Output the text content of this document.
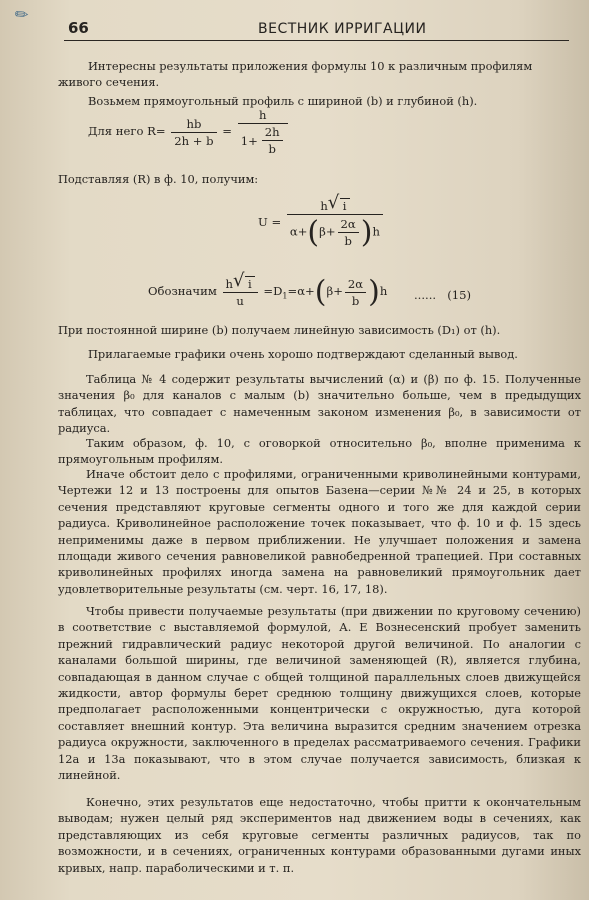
✎
66	ВЕСТНИК ИРРИГАЦИИ
Интересны результаты приложения формулы 10 к различным профилям
живого сечения.
Возьмем прямоугольный профиль с шириной (b) и глубиной (h).
Для него $R= \frac{hb}{2h + b} = \frac{h}{1+ \frac{2h}{b}}$
Подставляя (R) в ф. 10, получим:
$U = \frac{h √ i}{\alpha+(\beta+ \frac{2\alpha}{b} )h}$
Обозначим $\frac{h √ i}{u} =D_1=\alpha+(\beta+ \frac{2\alpha}{b} )h$ ...... (15)
При постоянной ширине (b) получаем линейную зависимость (D₁) от (h).
Прилагаемые графики очень хорошо подтверждают сделанный вывод.
Таблица № 4 содержит результаты вычислений (α) и (β) по ф. 15. Полученные значения β₀ для каналов с малым (b) значительно больше, чем в предыдущих таблицах, что совпадает с намеченным законом изменения β₀, в зависимости от радиуса.
Таким образом, ф. 10, с оговоркой относительно β₀, вполне применима к прямоугольным профилям.
Иначе обстоит дело с профилями, ограниченными криволинейными контурами, Чертежи 12 и 13 построены для опытов Базена—серии №№ 24 и 25, в которых сечения представляют круговые сегменты одного и того же для каждой серии радиуса. Криволинейное расположение точек показывает, что ф. 10 и ф. 15 здесь неприменимы даже в первом приближении. Не улучшает положения и замена площади живого сечения равновеликой равнобедренной трапецией. При составных криволинейных профилях иногда замена на равновеликий прямоугольник дает удовлетворительные результаты (см. черт. 16, 17, 18).
Чтобы привести получаемые результаты (при движении по круговому сечению) в соответствие с выставляемой формулой, А. Е Вознесенский пробует заменить прежний гидравлический радиус некоторой другой величиной. По аналогии с каналами большой ширины, где величиной заменяющей (R), является глубина, совпадающая в данном случае с общей толщиной параллельных слоев движущейся жидкости, автор формулы берет среднюю толщину движущихся слоев, которые предполагает расположенными концентрически с окружностью, дуга которой составляет внешний контур. Эта величина выразится средним значением отрезка радиуса окружности, заключенного в пределах рассматриваемого сечения. Графики 12а и 13а показывают, что в этом случае получается зависимость, близкая к линейной.
Конечно, этих результатов еще недостаточно, чтобы притти к окончательным выводам; нужен целый ряд экспериментов над движением воды в сечениях, как представляющих из себя круговые сегменты различных радиусов, так по возможности, и в сечениях, ограниченных контурами образованными дугами иных кривых, напр. параболическими и т. п.
